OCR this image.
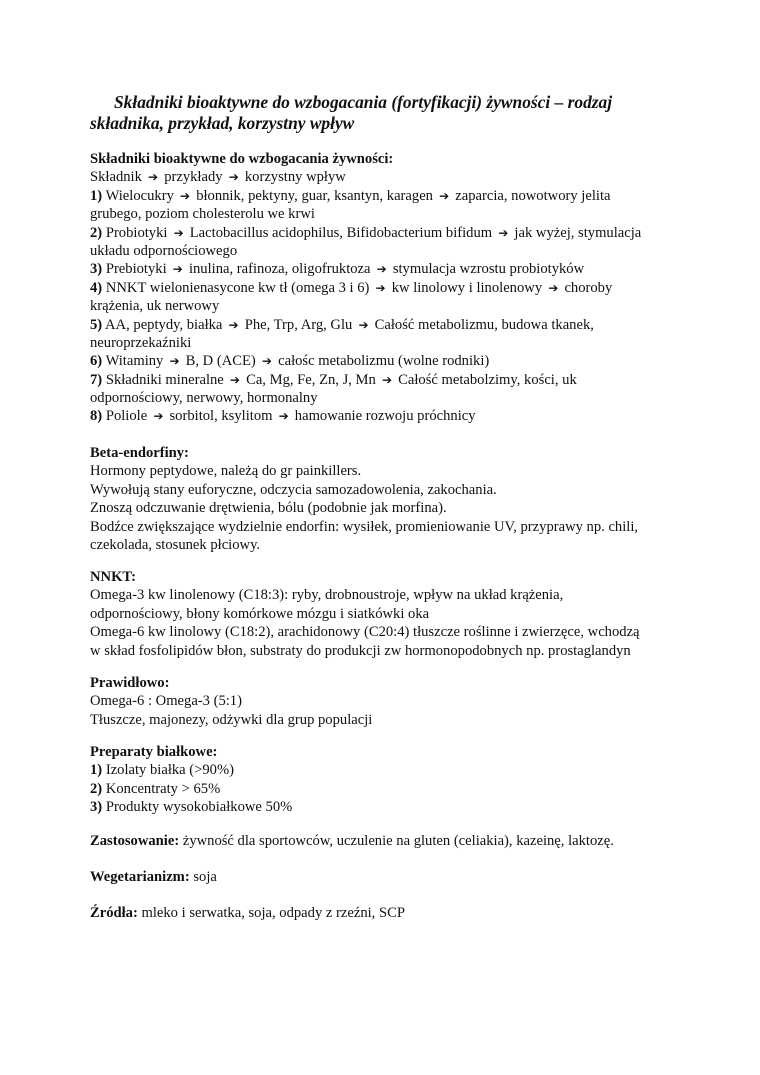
Składniki bioaktywne do wzbogacania (fortyfikacji) żywności – rodzaj
składnika, przykład, korzystny wpływ
Składniki bioaktywne do wzbogacania żywności:
Składnik ➔ przykłady ➔ korzystny wpływ
1) Wielocukry ➔ błonnik, pektyny, guar, ksantyn, karagen ➔ zaparcia, nowotwory jelita
grubego, poziom cholesterolu we krwi
2) Probiotyki ➔ Lactobacillus acidophilus, Bifidobacterium bifidum ➔ jak wyżej, stymulacja
układu odpornościowego
3) Prebiotyki ➔ inulina, rafinoza, oligofruktoza ➔ stymulacja wzrostu probiotyków
4) NNKT wielonienasycone kw tł (omega 3 i 6) ➔ kw linolowy i linolenowy ➔ choroby
krążenia, uk nerwowy
5) AA, peptydy, białka ➔ Phe, Trp, Arg, Glu ➔ Całość metabolizmu, budowa tkanek,
neuroprzekaźniki
6) Witaminy ➔ B, D (ACE) ➔ całośc metabolizmu (wolne rodniki)
7) Składniki mineralne ➔ Ca, Mg, Fe, Zn, J, Mn ➔ Całość metabolzimy, kości, uk
odpornościowy, nerwowy, hormonalny
8) Poliole ➔ sorbitol, ksylitom ➔ hamowanie rozwoju próchnicy
Beta-endorfiny:
Hormony peptydowe, należą do gr painkillers.
Wywołują stany euforyczne, odczycia samozadowolenia, zakochania.
Znoszą odczuwanie drętwienia, bólu (podobnie jak morfina).
Bodźce zwiększające wydzielnie endorfin: wysiłek, promieniowanie UV, przyprawy np. chili,
czekolada, stosunek płciowy.
NNKT:
Omega-3 kw linolenowy (C18:3): ryby, drobnoustroje, wpływ na układ krążenia,
odpornościowy, błony komórkowe mózgu i siatkówki oka
Omega-6 kw linolowy (C18:2), arachidonowy (C20:4) tłuszcze roślinne i zwierzęce, wchodzą
w skład fosfolipidów błon, substraty do produkcji zw hormonopodobnych np. prostaglandyn
Prawidłowo:
Omega-6 : Omega-3 (5:1)
Tłuszcze, majonezy, odżywki dla grup populacji
Preparaty białkowe:
1) Izolaty białka (>90%)
2) Koncentraty > 65%
3) Produkty wysokobiałkowe 50%
Zastosowanie: żywność dla sportowców, uczulenie na gluten (celiakia), kazeinę, laktozę.
Wegetarianizm: soja
Źródła: mleko i serwatka, soja, odpady z rzeźni, SCP
